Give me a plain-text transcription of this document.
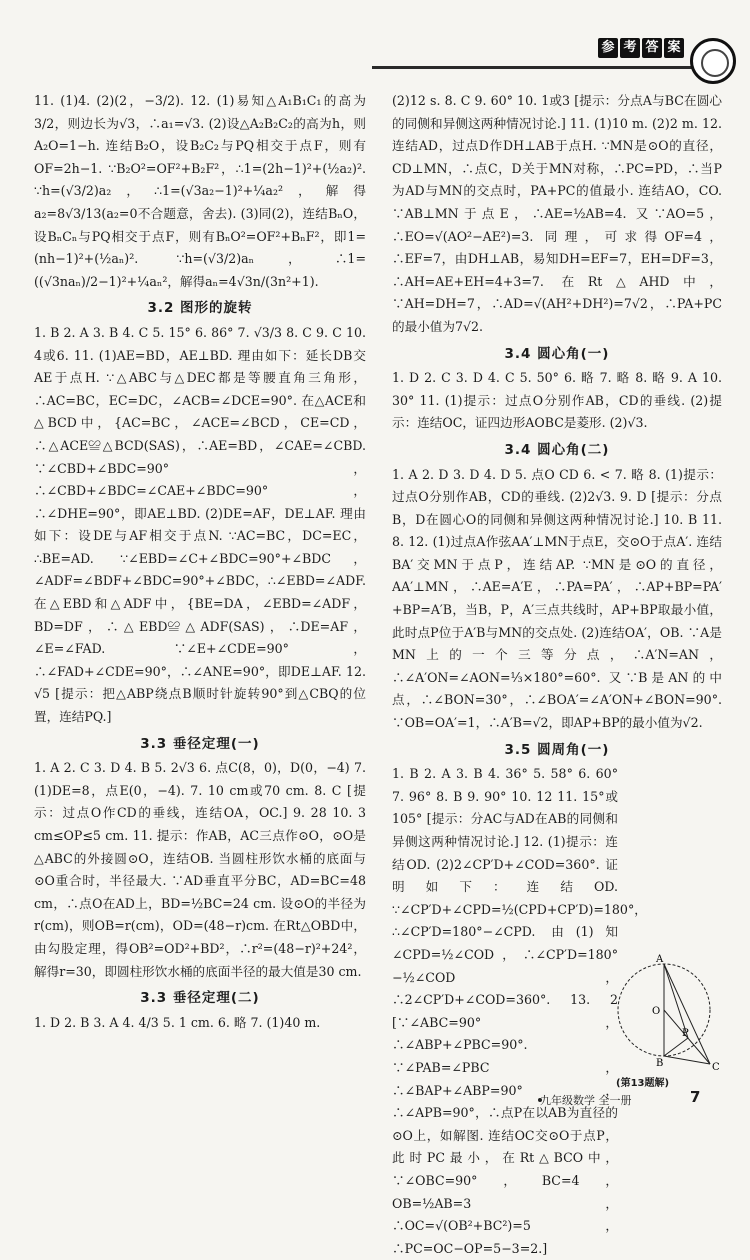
参 考 答 案

11. (1)4. (2)(2，−3/2). 12. (1)易知△A₁B₁C₁的高为3/2，则边长为√3，∴a₁=√3. (2)设△A₂B₂C₂的高为h，则A₂O=1−h. 连结B₂O，设B₂C₂与PQ相交于点F，则有OF=2h−1. ∵B₂O²=OF²+B₂F²，∴1=(2h−1)²+(½a₂)². ∵h=(√3/2)a₂，∴1=(√3a₂−1)²+¼a₂²，解得a₂=8√3/13(a₂=0不合题意，舍去). (3)同(2)，连结BₙO，设BₙCₙ与PQ相交于点F，则有BₙO²=OF²+BₙF²，即1=(nh−1)²+(½aₙ)². ∵h=(√3/2)aₙ，∴1=((√3naₙ)/2−1)²+¼aₙ²，解得aₙ=4√3n/(3n²+1).

3.2 图形的旋转

1. B 2. A 3. B 4. C 5. 15° 6. 86° 7. √3/3 8. C 9. C 10. 4或6. 11. (1)AE=BD，AE⊥BD. 理由如下：延长DB交AE于点H. ∵△ABC与△DEC都是等腰直角三角形，∴AC=BC，EC=DC，∠ACB=∠DCE=90°. 在△ACE和△BCD中，{AC=BC，∠ACE=∠BCD，CE=CD，∴△ACE≌△BCD(SAS)，∴AE=BD，∠CAE=∠CBD. ∵∠CBD+∠BDC=90°，∴∠CBD+∠BDC=∠CAE+∠BDC=90°，∴∠DHE=90°，即AE⊥BD. (2)DE=AF，DE⊥AF. 理由如下：设DE与AF相交于点N. ∵AC=BC，DC=EC，∴BE=AD. ∵∠EBD=∠C+∠BDC=90°+∠BDC，∠ADF=∠BDF+∠BDC=90°+∠BDC，∴∠EBD=∠ADF. 在△EBD和△ADF中，{BE=DA，∠EBD=∠ADF，BD=DF，∴△EBD≌△ADF(SAS)，∴DE=AF，∠E=∠FAD. ∵∠E+∠CDE=90°，∴∠FAD+∠CDE=90°，∴∠ANE=90°，即DE⊥AF. 12. √5 [提示：把△ABP绕点B顺时针旋转90°到△CBQ的位置，连结PQ.]

3.3 垂径定理(一)

1. A 2. C 3. D 4. B 5. 2√3 6. 点C(8，0)，D(0，−4) 7. (1)DE=8，点E(0，−4). 7. 10 cm或70 cm. 8. C [提示：过点O作CD的垂线，连结OA，OC.] 9. 28 10. 3 cm≤OP≤5 cm. 11. 提示：作AB，AC三点作⊙O，⊙O是△ABC的外接圆⊙O，连结OB. 当圆柱形饮水桶的底面与⊙O重合时，半径最大. ∵AD垂直平分BC，AD=BC=48 cm，∴点O在AD上，BD=½BC=24 cm. 设⊙O的半径为r(cm)，则OB=r(cm)，OD=(48−r)cm. 在Rt△OBD中，由勾股定理，得OB²=OD²+BD²，∴r²=(48−r)²+24²，解得r=30，即圆柱形饮水桶的底面半径的最大值是30 cm.

3.3 垂径定理(二)

1. D 2. B 3. A 4. 4/3 5. 1 cm. 6. 略 7. (1)40 m.

(2)12 s. 8. C 9. 60° 10. 1或3 [提示：分点A与BC在圆心的同侧和异侧这两种情况讨论.] 11. (1)10 m. (2)2 m. 12. 连结AD，过点D作DH⊥AB于点H. ∵MN是⊙O的直径，CD⊥MN，∴点C，D关于MN对称，∴PC=PD，∴当P为AD与MN的交点时，PA+PC的值最小. 连结AO，CO. ∵AB⊥MN于点E，∴AE=½AB=4. 又∵AO=5，∴EO=√(AO²−AE²)=3. 同理，可求得OF=4，∴EF=7，由DH⊥AB，易知DH=EF=7，EH=DF=3，∴AH=AE+EH=4+3=7. 在Rt△AHD中，∵AH=DH=7，∴AD=√(AH²+DH²)=7√2，∴PA+PC的最小值为7√2.

3.4 圆心角(一)

1. D 2. C 3. D 4. C 5. 50° 6. 略 7. 略 8. 略 9. A 10. 30° 11. (1)提示：过点O分别作AB，CD的垂线. (2)提示：连结OC，证四边形AOBC是菱形. (2)√3.

3.4 圆心角(二)

1. A 2. D 3. D 4. D 5. 点O CD 6. < 7. 略 8. (1)提示：过点O分别作AB，CD的垂线. (2)2√3. 9. D [提示：分点B，D在圆心O的同侧和异侧这两种情况讨论.] 10. B 11. 8. 12. (1)过点A作弦AA′⊥MN于点E，交⊙O于点A′. 连结BA′交MN于点P，连结AP. ∵MN是⊙O的直径，AA′⊥MN，∴AE=A′E，∴PA=PA′，∴AP+BP=PA′+BP=A′B，当B，P，A′三点共线时，AP+BP取最小值，此时点P位于A′B与MN的交点处. (2)连结OA′，OB. ∵A是MN上的一个三等分点，∴A′N=AN，∴∠A′ON=∠AON=⅓×180°=60°. 又∵B是AN的中点，∴∠BON=30°，∴∠BOA′=∠A′ON+∠BON=90°. ∵OB=OA′=1，∴A′B=√2，即AP+BP的最小值为√2.

3.5 圆周角(一)

1. B 2. A 3. B 4. 36° 5. 58° 6. 60° 7. 96° 8. B 9. 90° 10. 12 11. 15°或105° [提示：分AC与AD在AB的同侧和异侧这两种情况讨论.] 12. (1)提示：连结OD. (2)2∠CP′D+∠COD=360°. 证明如下：连结OD. ∵∠CP′D+∠CPD=½(CPD+CP′D)=180°，∴∠CP′D=180°−∠CPD. 由(1)知∠CPD=½∠COD，∴∠CP′D=180°−½∠COD，∴2∠CP′D+∠COD=360°. 13. 2 [∵∠ABC=90°，∴∠ABP+∠PBC=90°. ∵∠PAB=∠PBC，∴∠BAP+∠ABP=90°，∴∠APB=90°，∴点P在以AB为直径的⊙O上，如解图. 连结OC交⊙O于点P，此时PC最小，在Rt△BCO中，∵∠OBC=90°，BC=4，OB=½AB=3，∴OC=√(OB²+BC²)=5，∴PC=OC−OP=5−3=2.]

A
O
P
B	C
(第13题解)
九年级数学 全一册	7
